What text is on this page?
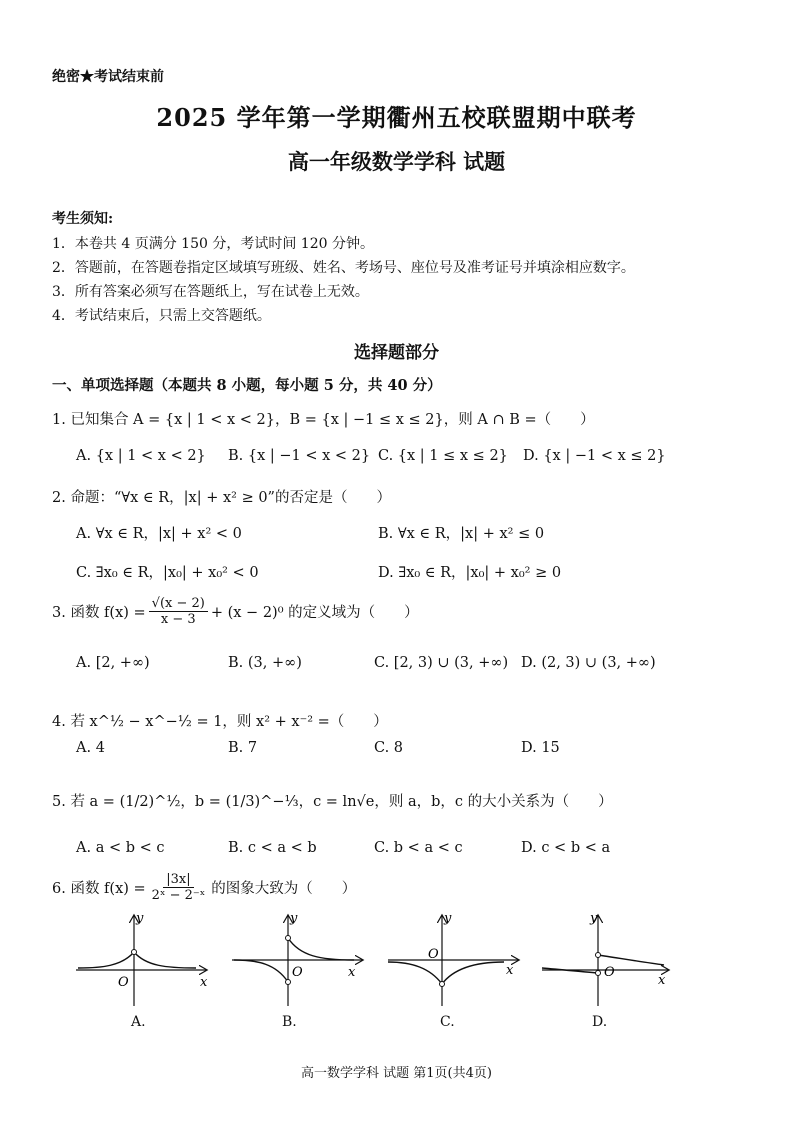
绝密★考试结束前
2025 学年第一学期衢州五校联盟期中联考
高一年级数学学科 试题
考生须知:
1．本卷共 4 页满分 150 分，考试时间 120 分钟。
2．答题前，在答题卷指定区域填写班级、姓名、考场号、座位号及准考证号并填涂相应数字。
3．所有答案必须写在答题纸上，写在试卷上无效。
4．考试结束后，只需上交答题纸。
选择题部分
一、单项选择题（本题共 8 小题，每小题 5 分，共 40 分）
1. 已知集合 A = {x | 1 < x < 2}，B = {x | −1 ≤ x ≤ 2}，则 A ∩ B =（　　）
A. {x | 1 < x < 2} B. {x | −1 < x < 2} C. {x | 1 ≤ x ≤ 2} D. {x | −1 < x ≤ 2}
2. 命题：“∀x ∈ R，|x| + x² ≥ 0”的否定是（　　）
A. ∀x ∈ R，|x| + x² < 0	B. ∀x ∈ R，|x| + x² ≤ 0
C. ∃x₀ ∈ R，|x₀| + x₀² < 0	D. ∃x₀ ∈ R，|x₀| + x₀² ≥ 0
3. 函数 $f(x) = \frac{√(x - 2)}{x - 3} + (x - 2)^0$ 的定义域为（　　）
A. [2, +∞)	B. (3, +∞)	C. [2, 3) ∪ (3, +∞) D. (2, 3) ∪ (3, +∞)
4. 若 x^½ − x^−½ = 1，则 x² + x⁻² =（　　）
A. 4	B. 7	C. 8	D. 15
5. 若 a = (1/2)^½，b = (1/3)^−⅓，c = ln√e，则 a，b，c 的大小关系为（　　）
A. a < b < c	B. c < a < b	C. b < a < c	D. c < b < a
6. 函数 $f(x) = \frac{|3x|}{\text{2ˣ − 2⁻ˣ}}$ 的图象大致为（　　）
y
x
O
A.
y
x
O
B.
y
x
O
C.
y
x
O
D.
高一数学学科 试题 第1页(共4页)
